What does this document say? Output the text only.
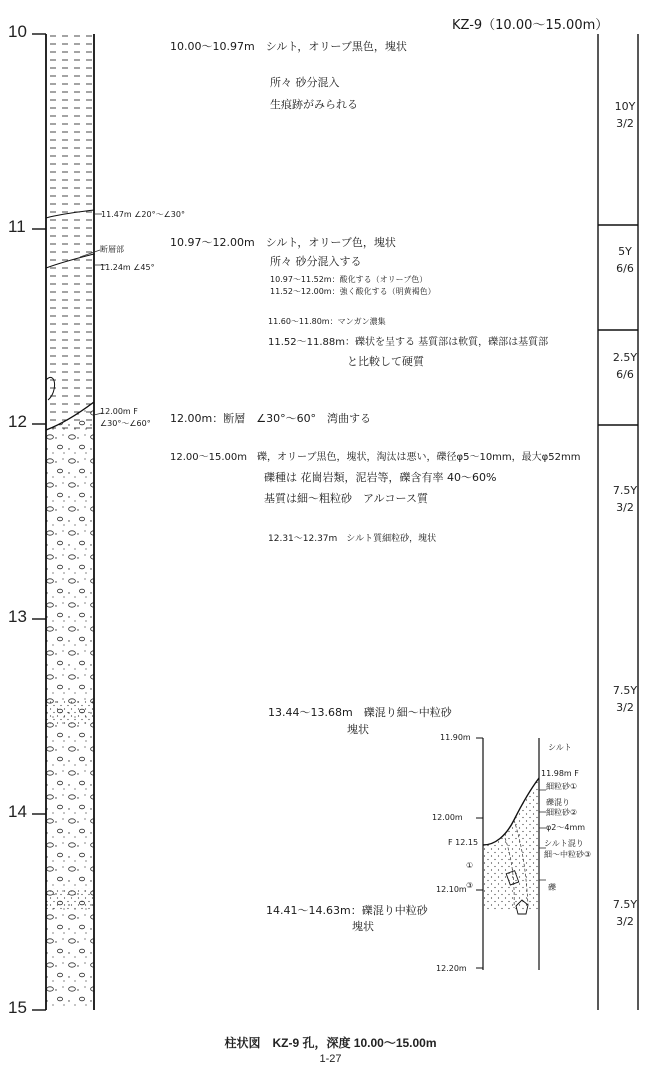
10
11
12
13
14
15
KZ-9（10.00～15.00m）
11.47m ∠20°～∠30°
断層部
11.24m ∠45°
12.00m F
∠30°～∠60°
10.00～10.97m　シルト，オリーブ黒色，塊状
所々 砂分混入
生痕跡がみられる
10.97～12.00m　シルト，オリーブ色，塊状
所々 砂分混入する
10.97～11.52m：酸化する（オリーブ色）
11.52～12.00m：強く酸化する（明黄褐色）
11.60～11.80m：マンガン濃集
11.52～11.88m：礫状を呈する 基質部は軟質，礫部は基質部
と比較して硬質
12.00m：断層　∠30°～60°　湾曲する
12.00～15.00m　礫，オリーブ黒色，塊状，淘汰は悪い，礫径φ5～10mm，最大φ52mm
礫種は 花崗岩類，泥岩等，礫含有率 40～60%
基質は細～粗粒砂　アルコース質
12.31～12.37m　シルト質細粒砂，塊状
13.44～13.68m　礫混り細～中粒砂
塊状
14.41～14.63m：礫混り中粒砂
塊状
10Y
3/2
5Y
6/6
2.5Y
6/6
7.5Y
3/2
7.5Y
3/2
7.5Y
3/2
11.90m
12.00m
12.10m
12.20m
F 12.15
11.98m F
シルト
細粒砂①
礫混り
細粒砂②
φ2～4mm
シルト混り
細～中粒砂③
礫
①
③
柱状図　KZ-9 孔，深度 10.00～15.00m
1-27
